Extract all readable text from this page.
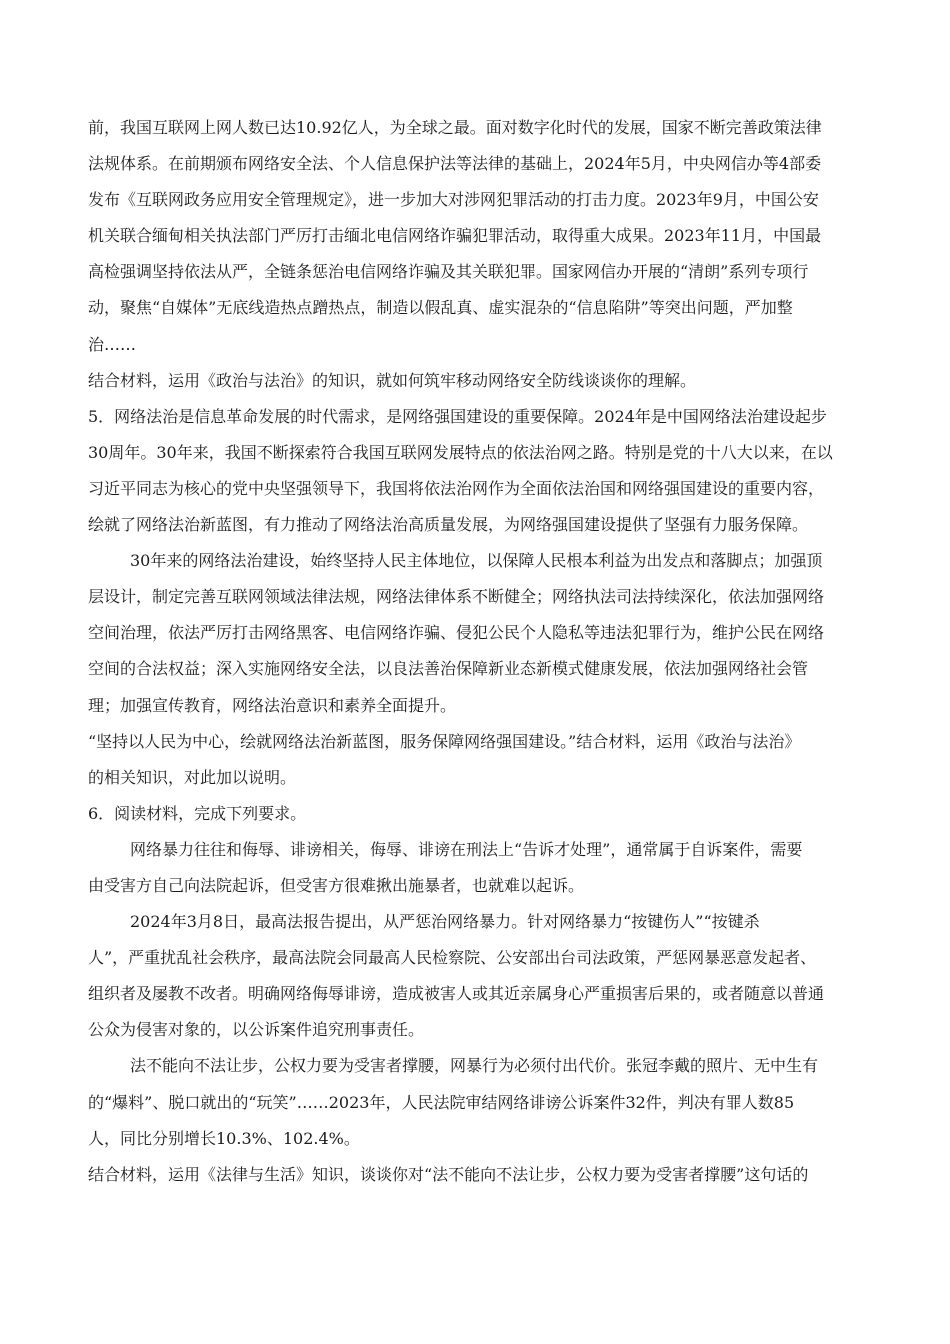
前，我国互联网上网人数已达10.92亿人，为全球之最。面对数字化时代的发展，国家不断完善政策法律
法规体系。在前期颁布网络安全法、个人信息保护法等法律的基础上，2024年5月，中央网信办等4部委
发布《互联网政务应用安全管理规定》，进一步加大对涉网犯罪活动的打击力度。2023年9月，中国公安
机关联合缅甸相关执法部门严厉打击缅北电信网络诈骗犯罪活动，取得重大成果。2023年11月，中国最
高检强调坚持依法从严，全链条惩治电信网络诈骗及其关联犯罪。国家网信办开展的“清朗”系列专项行
动，聚焦“自媒体”无底线造热点蹭热点，制造以假乱真、虚实混杂的“信息陷阱”等突出问题，严加整
治……
结合材料，运用《政治与法治》的知识，就如何筑牢移动网络安全防线谈谈你的理解。
5．网络法治是信息革命发展的时代需求，是网络强国建设的重要保障。2024年是中国网络法治建设起步
30周年。30年来，我国不断探索符合我国互联网发展特点的依法治网之路。特别是党的十八大以来，在以
习近平同志为核心的党中央坚强领导下，我国将依法治网作为全面依法治国和网络强国建设的重要内容，
绘就了网络法治新蓝图，有力推动了网络法治高质量发展，为网络强国建设提供了坚强有力服务保障。
30年来的网络法治建设，始终坚持人民主体地位，以保障人民根本利益为出发点和落脚点；加强顶
层设计，制定完善互联网领域法律法规，网络法律体系不断健全；网络执法司法持续深化，依法加强网络
空间治理，依法严厉打击网络黑客、电信网络诈骗、侵犯公民个人隐私等违法犯罪行为，维护公民在网络
空间的合法权益；深入实施网络安全法，以良法善治保障新业态新模式健康发展，依法加强网络社会管
理；加强宣传教育，网络法治意识和素养全面提升。
“坚持以人民为中心，绘就网络法治新蓝图，服务保障网络强国建设。”结合材料，运用《政治与法治》
的相关知识，对此加以说明。
6．阅读材料，完成下列要求。
网络暴力往往和侮辱、诽谤相关，侮辱、诽谤在刑法上“告诉才处理”，通常属于自诉案件，需要
由受害方自己向法院起诉，但受害方很难揪出施暴者，也就难以起诉。
2024年3月8日，最高法报告提出，从严惩治网络暴力。针对网络暴力“按键伤人”“按键杀
人”，严重扰乱社会秩序，最高法院会同最高人民检察院、公安部出台司法政策，严惩网暴恶意发起者、
组织者及屡教不改者。明确网络侮辱诽谤，造成被害人或其近亲属身心严重损害后果的，或者随意以普通
公众为侵害对象的，以公诉案件追究刑事责任。
法不能向不法让步，公权力要为受害者撑腰，网暴行为必须付出代价。张冠李戴的照片、无中生有
的“爆料”、脱口就出的“玩笑”……2023年，人民法院审结网络诽谤公诉案件32件，判决有罪人数85
人，同比分别增长10.3%、102.4%。
结合材料，运用《法律与生活》知识，谈谈你对“法不能向不法让步，公权力要为受害者撑腰”这句话的
